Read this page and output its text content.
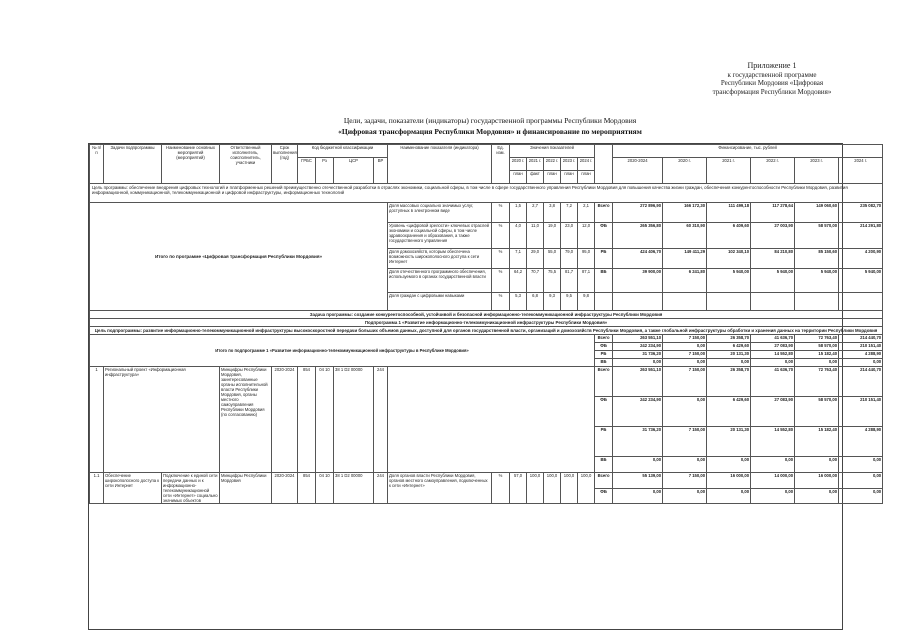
Приложение 1
к государственной программе
Республики Мордовия «Цифровая
трансформация Республики Мордовия»
Цели, задачи, показатели (индикаторы) государственной программы Республики Мордовия
«Цифровая трансформация Республики Мордовия» и финансирование по мероприятиям
№ п/п	Задачи подпрограммы	Наименование основных мероприятий (мероприятий)	Ответственный исполнитель, соисполнитель, участники	Срок выполнения (год)	Код бюджетной классификации				Наименование показателя (индикатора)	Ед. изм.	Значения показателей						Финансирование, тыс. рублей					
					ГРБС	Рз	ЦСР	ВР			2020 г.	2021 г.	2022 г.	2023 г.	2024 г.		2020-2024	2020 г.	2021 г.	2022 г.	2023 г.	2024 г.
											план	факт	план	план	план							
Цель программы: обеспечение внедрения цифровых технологий и платформенных решений преимущественно отечественной разработки в отраслях экономики, социальной сферы, в том числе в сфере государственного управления Республики Мордовия для повышения качества жизни граждан, обеспечения конкурентоспособности Республики Мордовия, развития информационной, коммуникационной, телекоммуникационной и цифровой инфраструктуры, информационных технологий																						
Итого по программе «Цифровая трансформация Республики Мордовия»									Доля массовых социально значимых услуг, доступных в электронном виде	%	1,5	2,7	3,8	7,2	2,1	Всего	272 896,90	166 172,30	111 499,18	117 278,64	149 060,60	235 082,70
									Уровень «цифровой зрелости» ключевых отраслей экономики и социальной сферы, в том числе здравоохранения и образования, а также государственного управления	%	4,0	11,0	19,0	23,0	12,0	ФБ	265 356,80	60 310,90	6 409,60	27 003,90	58 570,00	214 291,80
									Доля домохозяйств, которым обеспечена возможность широкополосного доступа к сети Интернет	%	7,1	29,0	55,0	79,0	95,0	РБ	424 406,70	149 411,29	102 340,10	84 210,80	85 150,60	4 200,90
									Доля отечественного программного обеспечения, используемого в органах государственной власти	%	64,2	70,7	75,5	81,7	87,1	ВБ	39 900,00	6 241,80	5 940,00	5 940,00	5 940,00	5 940,00
									Доля граждан с цифровыми навыками	%	5,3	6,8	9,3	9,5	9,8							
Задача программы: создание конкурентоспособной, устойчивой и безопасной информационно-телекоммуникационной инфраструктуры Республики Мордовия																						
Подпрограмма 1 «Развитие информационно-телекоммуникационной инфраструктуры Республики Мордовия»																						
Цель подпрограммы: развитие информационно-телекоммуникационной инфраструктуры высокоскоростной передачи больших объемов данных, доступной для органов государственной власти, организаций и домохозяйств Республики Мордовия, а также глобальной инфраструктуры обработки и хранения данных на территории Республики Мордовия																						
Итого по подпрограмме 1 «Развитие информационно-телекоммуникационной инфраструктуры в Республике Мордовия»																Всего	263 551,10	7 150,00	26 358,70	41 636,70	72 763,40	214 440,70
																ФБ	242 234,90	0,00	6 429,60	27 083,90	58 570,00	210 151,40
																РБ	31 736,20	7 150,00	20 131,30	14 552,80	15 182,40	4 288,90
																ВБ	0,00	0,00	0,00	0,00	0,00	0,00
1	Региональный проект «Информационная инфраструктура»		Минцифры Республики Мордовия, заинтересованные органы исполнительной власти Республики Мордовия, органы местного самоуправления Республики Мордовия (по согласованию)	2020-2024	854	04 10	38 1 D2 00000	244								Всего	263 551,10	7 150,00	26 358,70	41 636,70	72 763,40	214 440,70
																ФБ	242 234,90	0,00	6 429,60	27 083,90	58 570,00	210 151,40
																РБ	31 736,20	7 150,00	20 131,30	14 552,80	15 182,40	4 288,90
																ВБ	0,00	0,00	0,00	0,00	0,00	0,00
1.1	Обеспечение широкополосного доступа к сети Интернет	Подключение к единой сети передачи данных и к информационно-телекоммуникационной сети «Интернет» социально значимых объектов	Минцифры Республики Мордовия	2020-2024	854	04 10	38 1 D2 00000	244	Доля органов власти Республики Мордовия, органов местного самоуправления, подключенных к сети «Интернет»	%	57,0	100,0	100,0	100,0	100,0	Всего	55 139,00	7 150,00	16 000,00	14 000,00	16 000,00	0,00
																ФБ	0,00	0,00	0,00	0,00	0,00	0,00
